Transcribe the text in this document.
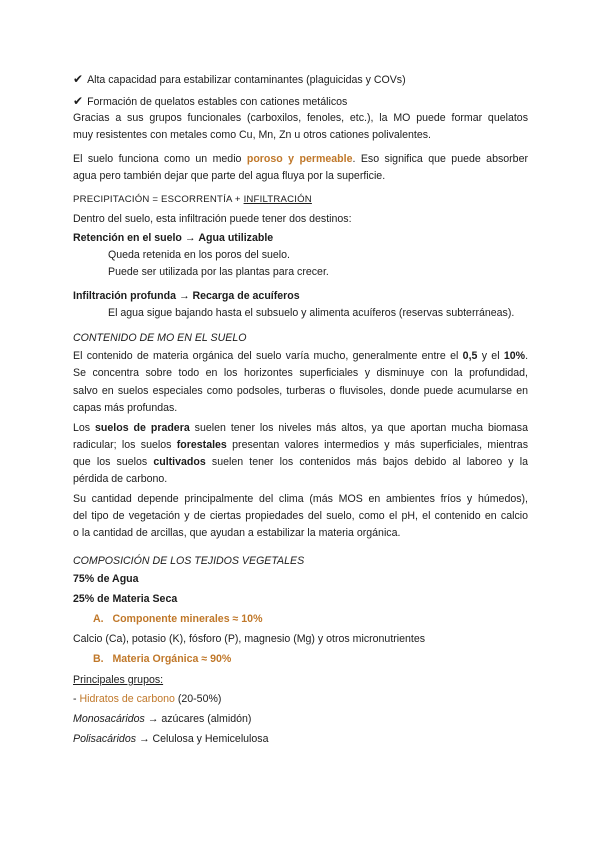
✔ Alta capacidad para estabilizar contaminantes (plaguicidas y COVs)
✔ Formación de quelatos estables con cationes metálicos
Gracias a sus grupos funcionales (carboxilos, fenoles, etc.), la MO puede formar quelatos
muy resistentes con metales como Cu, Mn, Zn u otros cationes polivalentes.
El suelo funciona como un medio poroso y permeable. Eso significa que puede absorber
agua pero también dejar que parte del agua fluya por la superficie.
PRECIPITACIÓN = ESCORRENTÍA + INFILTRACIÓN
Dentro del suelo, esta infiltración puede tener dos destinos:
Retención en el suelo → Agua utilizable
Queda retenida en los poros del suelo.
Puede ser utilizada por las plantas para crecer.
Infiltración profunda → Recarga de acuíferos
El agua sigue bajando hasta el subsuelo y alimenta acuíferos (reservas subterráneas).
CONTENIDO DE MO EN EL SUELO
El contenido de materia orgánica del suelo varía mucho, generalmente entre el 0,5 y el 10%.
Se concentra sobre todo en los horizontes superficiales y disminuye con la profundidad,
salvo en suelos especiales como podsoles, turberas o fluvisoles, donde puede acumularse en
capas más profundas.
Los suelos de pradera suelen tener los niveles más altos, ya que aportan mucha biomasa
radicular; los suelos forestales presentan valores intermedios y más superficiales, mientras
que los suelos cultivados suelen tener los contenidos más bajos debido al laboreo y la
pérdida de carbono.
Su cantidad depende principalmente del clima (más MOS en ambientes fríos y húmedos),
del tipo de vegetación y de ciertas propiedades del suelo, como el pH, el contenido en calcio
o la cantidad de arcillas, que ayudan a estabilizar la materia orgánica.
COMPOSICIÓN DE LOS TEJIDOS VEGETALES
75% de Agua
25% de Materia Seca
A. Componente minerales ≈ 10%
Calcio (Ca), potasio (K), fósforo (P), magnesio (Mg) y otros micronutrientes
B. Materia Orgánica ≈ 90%
Principales grupos:
- Hidratos de carbono (20-50%)
Monosacáridos → azúcares (almidón)
Polisacáridos → Celulosa y Hemicelulosa
